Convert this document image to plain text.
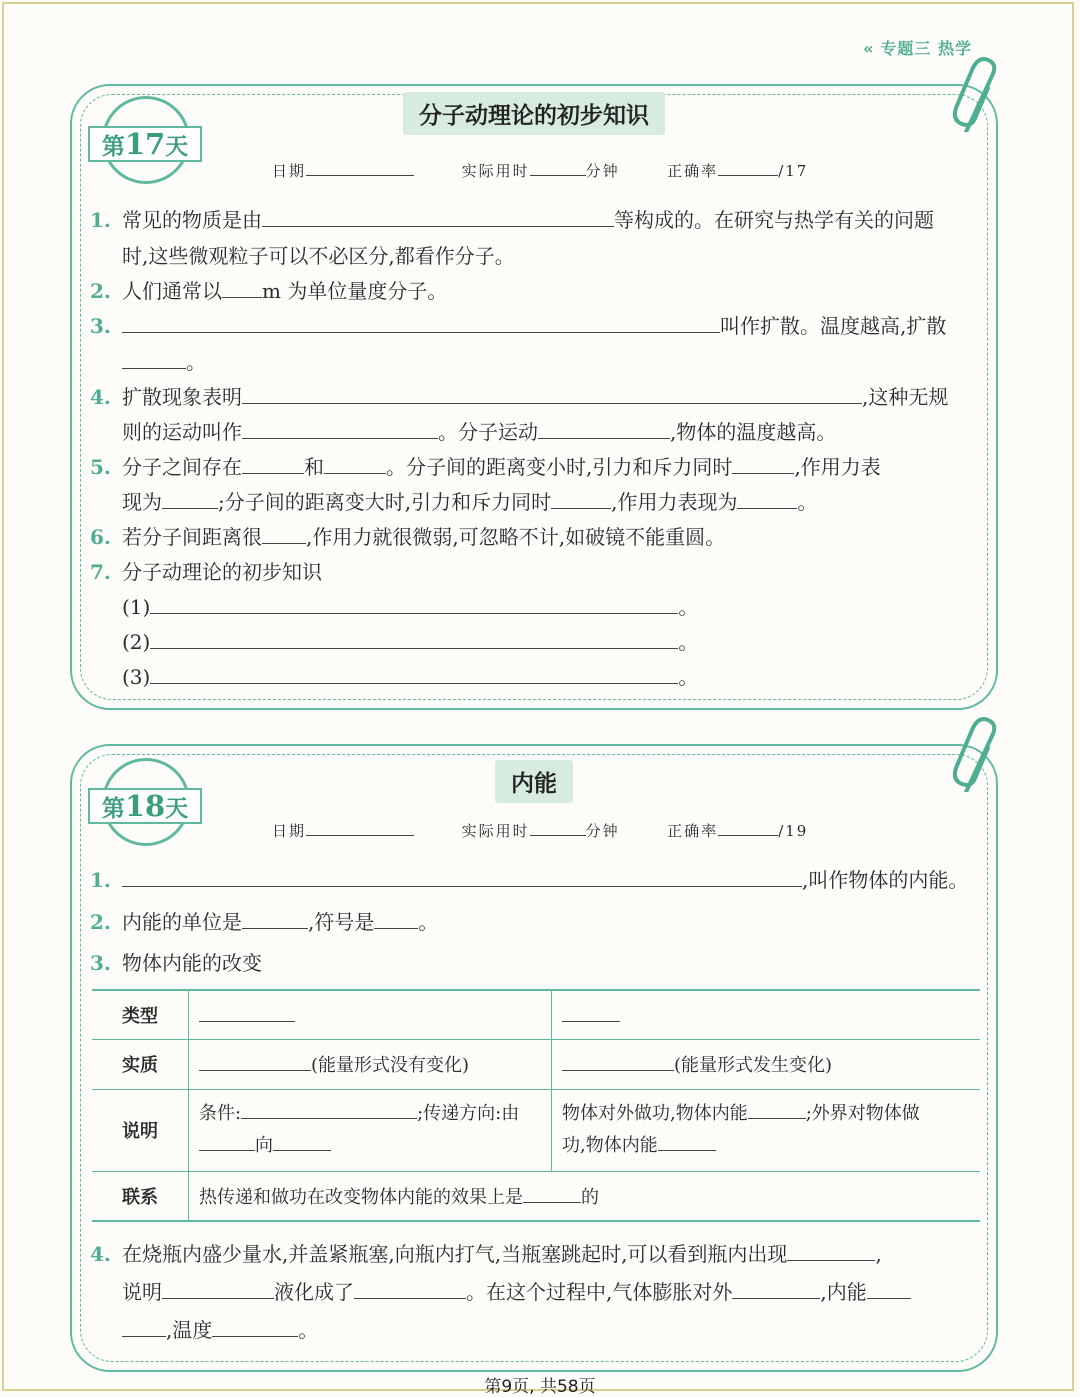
« 专题三 热学
分子动理论的初步知识
第17天
日期	实际用时	分钟	正确率	/17
1. 常见的物质是由	等构成的。在研究与热学有关的问题
时,这些微观粒子可以不必区分,都看作分子。
2. 人们通常以 m 为单位量度分子。
3.	叫作扩散。温度越高,扩散
。
4. 扩散现象表明	,这种无规
则的运动叫作	。分子运动	,物体的温度越高。
5. 分子之间存在	和	。分子间的距离变小时,引力和斥力同时	,作用力表
现为	;分子间的距离变大时,引力和斥力同时	,作用力表现为	。
6. 若分子间距离很 ,作用力就很微弱,可忽略不计,如破镜不能重圆。
7. 分子动理论的初步知识
(1)	。
(2)	。
(3)	。
内能
第18天
日期	实际用时	分钟	正确率	/19
1.	,叫作物体的内能。
2. 内能的单位是	,符号是 。
3. 物体内能的改变
类型		
实质	(能量形式没有变化)	(能量形式发生变化)
说明	条件: ;传递方向:由
向	物体对外做功,物体内能 ;外界对物体做
功,物体内能
联系	热传递和做功在改变物体内能的效果上是 的	
4. 在烧瓶内盛少量水,并盖紧瓶塞,向瓶内打气,当瓶塞跳起时,可以看到瓶内出现	,
说明	液化成了	。在这个过程中,气体膨胀对外	,内能
,温度	。
第9页, 共58页
